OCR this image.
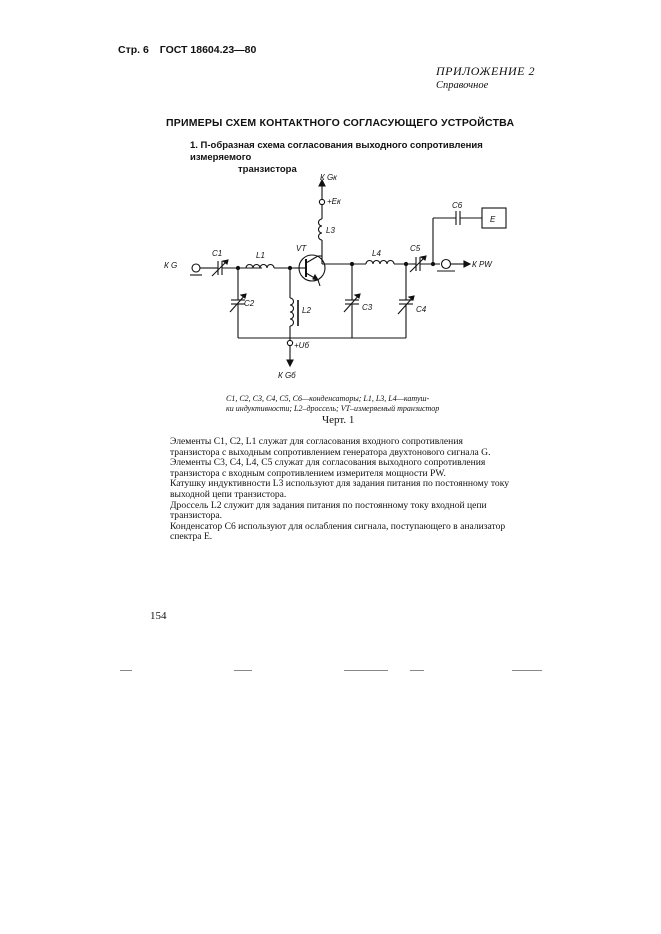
Стр. 6 ГОСТ 18604.23—80
ПРИЛОЖЕНИЕ 2
Справочное
ПРИМЕРЫ СХЕМ КОНТАКТНОГО СОГЛАСУЮЩЕГО УСТРОЙСТВА
1. П-образная схема согласования выходного сопротивления измеряемого
транзистора
К G
C1
C2
L1
VT
L2
+Uб
К Gб
L3
+Eк
К Gк
C3
L4
C4
C5
К PW
C6
E
C1, C2, C3, C4, C5, C6—конденсаторы; L1, L3, L4—катуш-
ки индуктивности; L2–дроссель; VT–измеряемый транзистор
Черт. 1

Элементы C1, C2, L1 служат для согласования входного сопротивления транзистора с выходным сопротивлением генератора двухтонового сигнала G.

Элементы C3, C4, L4, C5 служат для согласования выходного сопротивления транзистора с входным сопротивлением измерителя мощности PW.

Катушку индуктивности L3 используют для задания питания по постоянному току выходной цепи транзистора.

Дроссель L2 служит для задания питания по постоянному току входной цепи транзистора.

Конденсатор C6 используют для ослабления сигнала, поступающего в анализатор спектра E.

154
